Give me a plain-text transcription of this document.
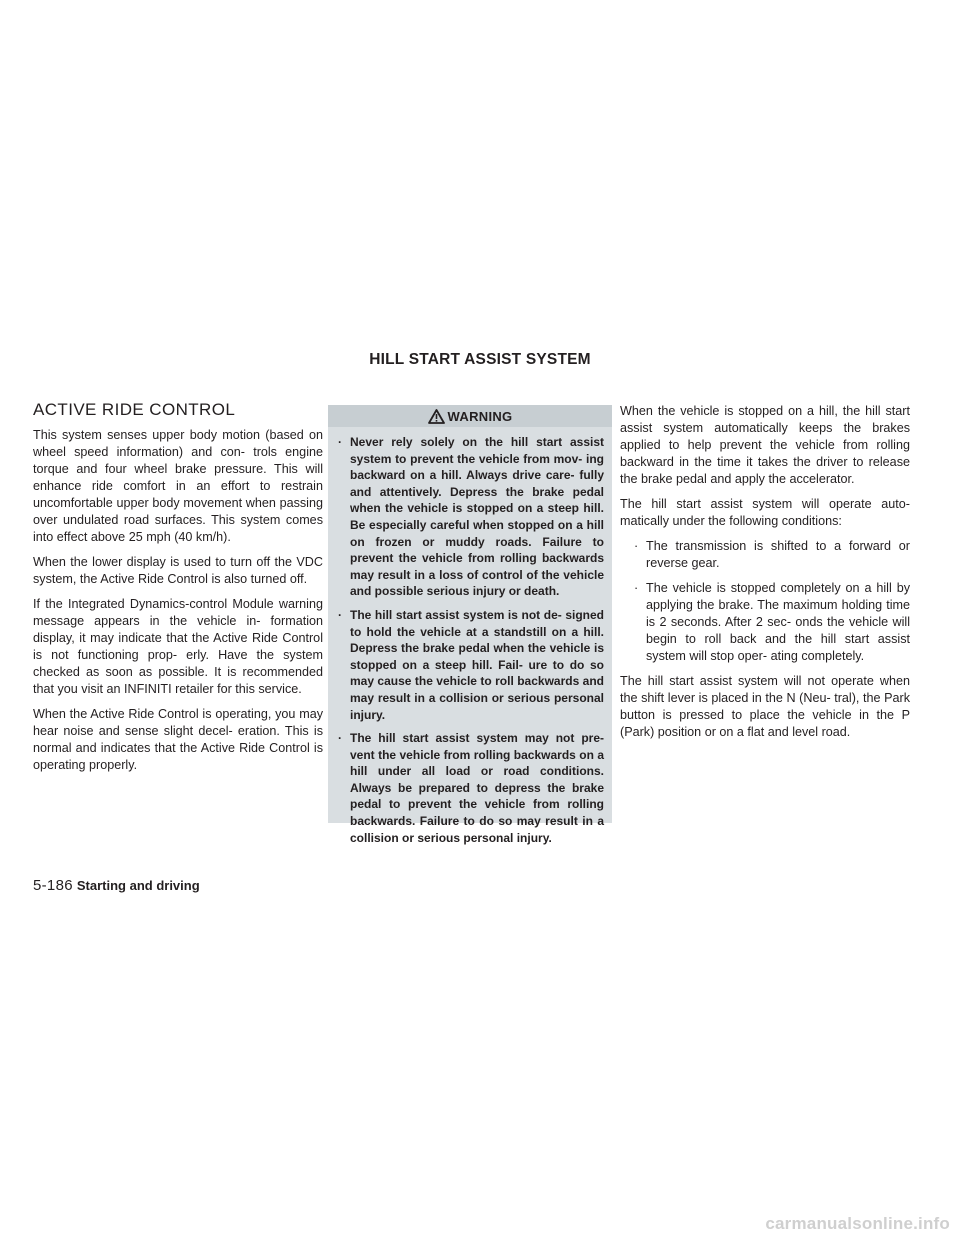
HILL START ASSIST SYSTEM
ACTIVE RIDE CONTROL

This system senses upper body motion (based on wheel speed information) and con- trols engine torque and four wheel brake pressure. This will enhance ride comfort in an effort to restrain uncomfortable upper body movement when passing over undulated road surfaces. This system comes into effect above 25 mph (40 km/h).

When the lower display is used to turn off the VDC system, the Active Ride Control is also turned off.

If the Integrated Dynamics-control Module warning message appears in the vehicle in- formation display, it may indicate that the Active Ride Control is not functioning prop- erly. Have the system checked as soon as possible. It is recommended that you visit an INFINITI retailer for this service.

When the Active Ride Control is operating, you may hear noise and sense slight decel- eration. This is normal and indicates that the Active Ride Control is operating properly.

WARNING
· Never rely solely on the hill start assist system to prevent the vehicle from mov- ing backward on a hill. Always drive care- fully and attentively. Depress the brake pedal when the vehicle is stopped on a steep hill. Be especially careful when stopped on a hill on frozen or muddy roads. Failure to prevent the vehicle from rolling backwards may result in a loss of control of the vehicle and possible serious injury or death.
· The hill start assist system is not de- signed to hold the vehicle at a standstill on a hill. Depress the brake pedal when the vehicle is stopped on a steep hill. Fail- ure to do so may cause the vehicle to roll backwards and may result in a collision or serious personal injury.
· The hill start assist system may not pre- vent the vehicle from rolling backwards on a hill under all load or road conditions. Always be prepared to depress the brake pedal to prevent the vehicle from rolling backwards. Failure to do so may result in a collision or serious personal injury.

When the vehicle is stopped on a hill, the hill start assist system automatically keeps the brakes applied to help prevent the vehicle from rolling backward in the time it takes the driver to release the brake pedal and apply the accelerator.

The hill start assist system will operate auto- matically under the following conditions:

· The transmission is shifted to a forward or reverse gear.
· The vehicle is stopped completely on a hill by applying the brake. The maximum holding time is 2 seconds. After 2 sec- onds the vehicle will begin to roll back and the hill start assist system will stop oper- ating completely.

The hill start assist system will not operate when the shift lever is placed in the N (Neu- tral), the Park button is pressed to place the vehicle in the P (Park) position or on a flat and level road.

5-186 Starting and driving
carmanualsonline.info
